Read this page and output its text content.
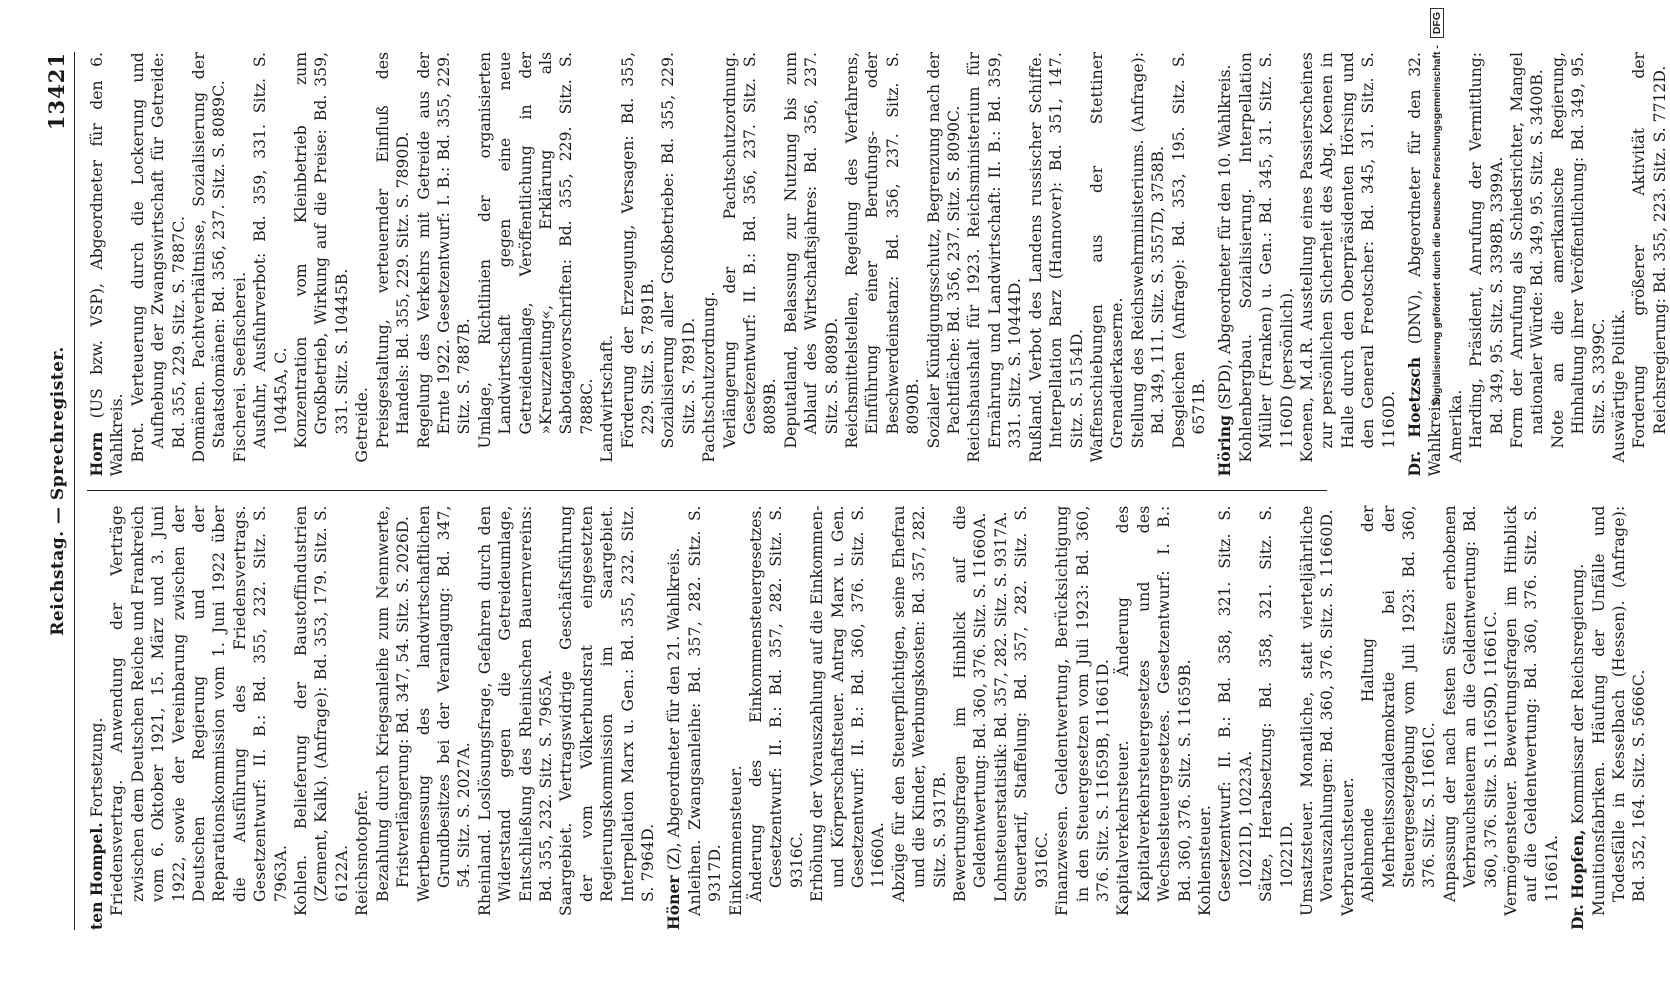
Reichstag. — Sprechregister.
13421
ten Hompel. Fortsetzung. Friedensvertrag. Anwendung der Verträge zwischen dem Deutschen Reiche und Frankreich vom 6. Oktober 1921, 15. März und 3. Juni 1922, sowie der Vereinbarung zwischen der Deutschen Regierung und der Reparationskommission vom 1. Juni 1922 über die Ausführung des Friedensvertrags. Gesetzentwurf: II. B.: Bd. 355, 232. Sitz. S. 7963A. Kohlen. Belieferung der Baustoffindustrien (Zement, Kalk). (Anfrage): Bd. 353, 179. Sitz. S. 6122A. Reichsnotopfer. Bezahlung durch Kriegsanleihe zum Nennwerte, Fristverlängerung: Bd. 347, 54. Sitz. S. 2026D. Wertbemessung des landwirtschaftlichen Grundbesitzes bei der Veranlagung: Bd. 347, 54. Sitz. S. 2027A. Rheinland. Loslösungsfrage, Gefahren durch den Widerstand gegen die Getreideumlage, Entschließung des Rheinischen Bauernvereins: Bd. 355, 232. Sitz. S. 7965A. Saargebiet. Vertragswidrige Geschäftsführung der vom Völkerbundsrat eingesetzten Regierungskommission im Saargebiet. Interpellation Marx u. Gen.: Bd. 355, 232. Sitz. S. 7964D.
Höner (Z), Abgeordneter für den 21. Wahlkreis. Anleihen. Zwangsanleihe: Bd. 357, 282. Sitz. S. 9317D. Einkommensteuer. Änderung des Einkommensteuergesetzes. Gesetzentwurf: II. B.: Bd. 357, 282. Sitz. S. 9316C. Erhöhung der Vorauszahlung auf die Einkommen- und Körperschaftsteuer. Antrag Marx u. Gen. Gesetzentwurf: II. B.: Bd. 360, 376. Sitz. S. 11660A. Abzüge für den Steuerpflichtigen, seine Ehefrau und die Kinder, Werbungskosten: Bd. 357, 282. Sitz. S. 9317B. Bewertungsfragen im Hinblick auf die Geldentwertung: Bd. 360, 376. Sitz. S. 11660A. Lohnsteuerstatistik: Bd. 357, 282. Sitz. S. 9317A. Steuertarif, Staffelung: Bd. 357, 282. Sitz. S. 9316C. Finanzwesen. Geldentwertung, Berücksichtigung in den Steuergesetzen vom Juli 1923: Bd. 360, 376. Sitz. S. 11659B, 11661D. Kapitalverkehrsteuer. Änderung des Kapitalverkehrsteuergesetzes und des Wechselsteuergesetzes. Gesetzentwurf: I. B.: Bd. 360, 376. Sitz. S. 11659B. Kohlensteuer. Gesetzentwurf: II. B.: Bd. 358, 321. Sitz. S. 10221D, 10223A. Sätze, Herabsetzung: Bd. 358, 321. Sitz. S. 10221D. Umsatzsteuer. Monatliche, statt vierteljährliche Vorauszahlungen: Bd. 360, 376. Sitz. S. 11660D. Verbrauchsteuer. Ablehnende Haltung der Mehrheitssozialdemokratie bei der Steuergesetzgebung vom Juli 1923: Bd. 360, 376. Sitz. S. 11661C. Anpassung der nach festen Sätzen erhobenen Verbrauchsteuern an die Geldentwertung: Bd. 360, 376. Sitz. S. 11659D, 11661C. Vermögensteuer. Bewertungsfragen im Hinblick auf die Geldentwertung: Bd. 360, 376. Sitz. S. 11661A. Dr. Hopfen, Kommissar der Reichsregierung. Munitionsfabriken. Häufung der Unfälle und Todesfälle in Kesselbach (Hessen). (Anfrage): Bd. 352, 164. Sitz. S. 5666C.
Horn (US bzw. VSP), Abgeordneter für den 6. Wahlkreis. Brot. Verteuerung durch die Lockerung und Aufhebung der Zwangswirtschaft für Getreide: Bd. 355, 229. Sitz. S. 7887C. Domänen. Pachtverhältnisse, Sozialisierung der Staatsdomänen: Bd. 356, 237. Sitz. S. 8089C. Fischerei. Seefischerei. Ausfuhr, Ausfuhrverbot: Bd. 359, 331. Sitz. S. 10445A, C. Konzentration vom Kleinbetrieb zum Großbetrieb, Wirkung auf die Preise: Bd. 359, 331. Sitz. S. 10445B. Getreide. Preisgestaltung, verteuernder Einfluß des Handels: Bd. 355, 229. Sitz. S. 7890D. Regelung des Verkehrs mit Getreide aus der Ernte 1922. Gesetzentwurf: I. B.: Bd. 355, 229. Sitz. S. 7887B. Umlage, Richtlinien der organisierten Landwirtschaft gegen eine neue Getreideumlage, Veröffentlichung in der »Kreuzzeitung«, Erklärung als Sabotagevorschriften: Bd. 355, 229. Sitz. S. 7888C. Landwirtschaft. Förderung der Erzeugung, Versagen: Bd. 355, 229. Sitz. S. 7891B. Sozialisierung aller Großbetriebe: Bd. 355, 229. Sitz. S. 7891D. Pachtschutzordnung. Verlängerung der Pachtschutzordnung. Gesetzentwurf: II. B.: Bd. 356, 237. Sitz. S. 8089B. Deputatland, Belassung zur Nutzung bis zum Ablauf des Wirtschaftsjahres: Bd. 356, 237. Sitz. S. 8089D. Reichsmittelstellen, Regelung des Verfahrens, Einführung einer Berufungs- oder Beschwerdeinstanz: Bd. 356, 237. Sitz. S. 8090B. Sozialer Kündigungsschutz, Begrenzung nach der Pachtfläche: Bd. 356, 237. Sitz. S. 8090C. Reichshaushalt für 1923. Reichsministerium für Ernährung und Landwirtschaft: II. B.: Bd. 359, 331. Sitz. S. 10444D. Rußland. Verbot des Landens russischer Schiffe. Interpellation Barz (Hannover): Bd. 351, 147. Sitz. S. 5154D. Waffenschiebungen aus der Stettiner Grenadierkaserne. Stellung des Reichswehrministeriums. (Anfrage): Bd. 349, 111. Sitz. S. 3557D, 3758B. Desgleichen (Anfrage): Bd. 353, 195. Sitz. S. 6571B.
Höring (SPD), Abgeordneter für den 10. Wahlkreis. Kohlenbergbau. Sozialisierung. Interpellation Müller (Franken) u. Gen.: Bd. 345, 31. Sitz. S. 1160D (persönlich). Koenen, M.d.R. Ausstellung eines Passierscheines zur persönlichen Sicherheit des Abg. Koenen in Halle durch den Oberpräsidenten Hörsing und den General Freotscher: Bd. 345, 31. Sitz. S. 1160D. Dr. Hoetzsch (DNV), Abgeordneter für den 32. Wahlkreis. Amerika. Harding, Präsident, Anrufung der Vermittlung: Bd. 349, 95. Sitz. S. 3398B, 3399A. Form der Anrufung als Schiedsrichter, Mangel nationaler Würde: Bd. 349, 95. Sitz. S. 3400B. Note an die amerikanische Regierung, Hinhaltung ihrer Veröffentlichung: Bd. 349, 95. Sitz. S. 3399C. Auswärtige Politik. Forderung größerer Aktivität der Reichsregierung: Bd. 355, 223. Sitz. S. 7712D.
Digitalisierung gefördert durch die Deutsche Forschungsgemeinschaft - DFG
